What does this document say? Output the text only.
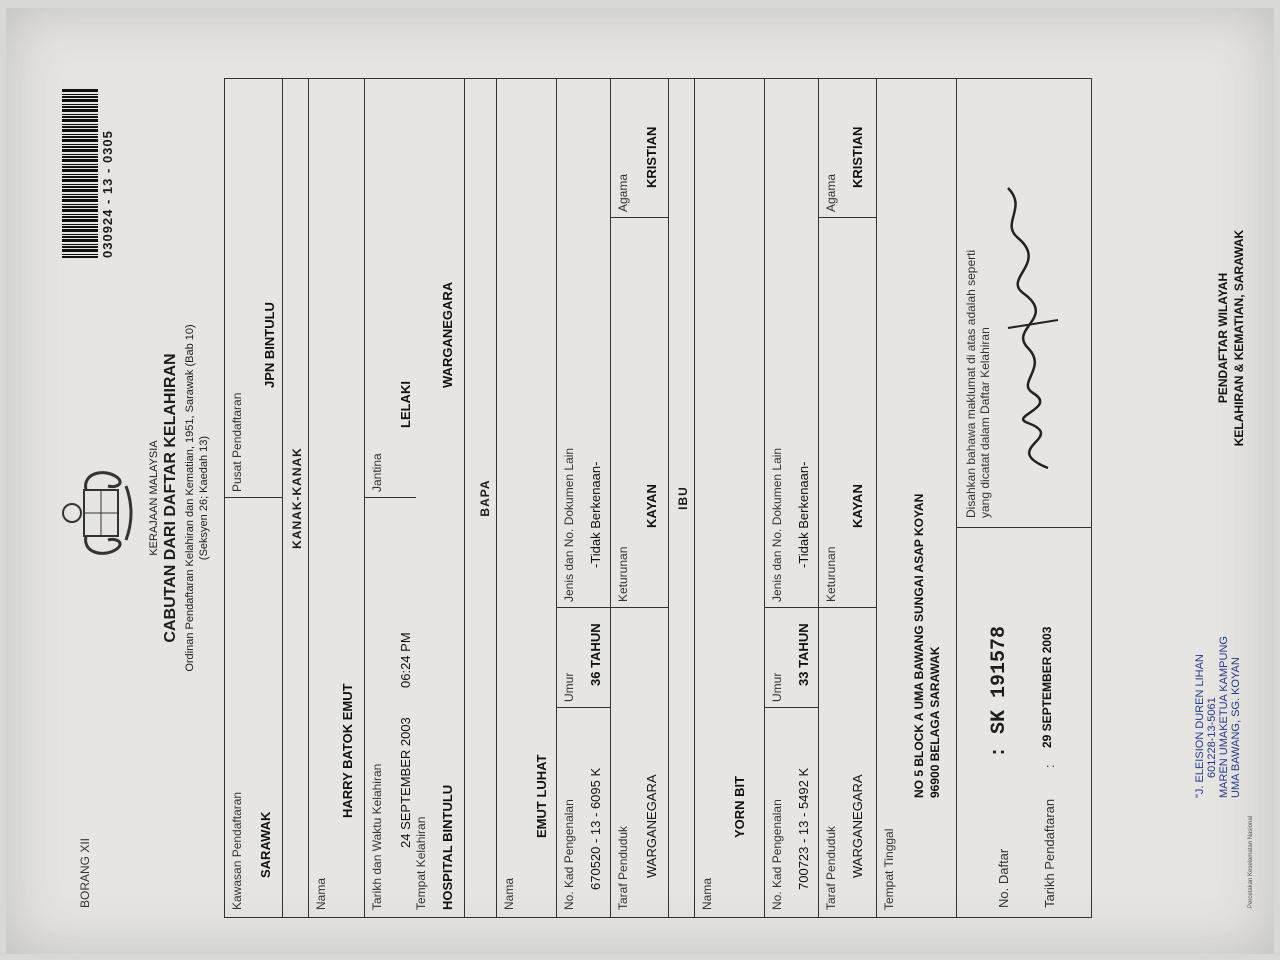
BORANG XII
030924 - 13 - 0305
KERAJAAN MALAYSIA CABUTAN DARI DAFTAR KELAHIRAN Ordinan Pendaftaran Kelahiran dan Kematian, 1951, Sarawak (Bab 10) (Seksyen 26; Kaedah 13)
Kawasan Pendaftaran SARAWAK
Pusat Pendaftaran
JPN BINTULU
KANAK-KANAK
Nama
HARRY BATOK EMUT
Tarikh dan Waktu Kelahiran 24 SEPTEMBER 2003
06:24 PM
Jantina
LELAKI
Tempat Kelahiran HOSPITAL BINTULU
WARGANEGARA
BAPA
Nama
EMUT LUHAT
No. Kad Pengenalan 670520 - 13 - 6095 K
Umur
36 TAHUN
Jenis dan No. Dokumen Lain -Tidak Berkenaan-
Taraf Penduduk WARGANEGARA
Keturunan
KAYAN
Agama
KRISTIAN
IBU
Nama
YORN BIT No. Kad Pengenalan 700723 - 13 - 5492 K
Umur
33 TAHUN
Jenis dan No. Dokumen Lain -Tidak Berkenaan-
Taraf Penduduk WARGANEGARA
Keturunan
KAYAN
Agama
KRISTIAN
Tempat Tinggal
NO 5 BLOCK A UMA BAWANG SUNGAI ASAP KOYAN 96900 BELAGA SARAWAK
No. Daftar
: SK 191578
Tarikh Pendaftaran
:
29 SEPTEMBER 2003
Disahkan bahawa maklumat di atas adalah seperti yang dicatat dalam Daftar Kelahiran
"J. ELEISION DUREN LIHAN 601228-13-5061 MAREN UMAKETUA KAMPUNG UMA BAWANG, SG. KOYAN
PENDAFTAR WILAYAH KELAHIRAN & KEMATIAN, SARAWAK
Percetakan Keselamatan Nasional
